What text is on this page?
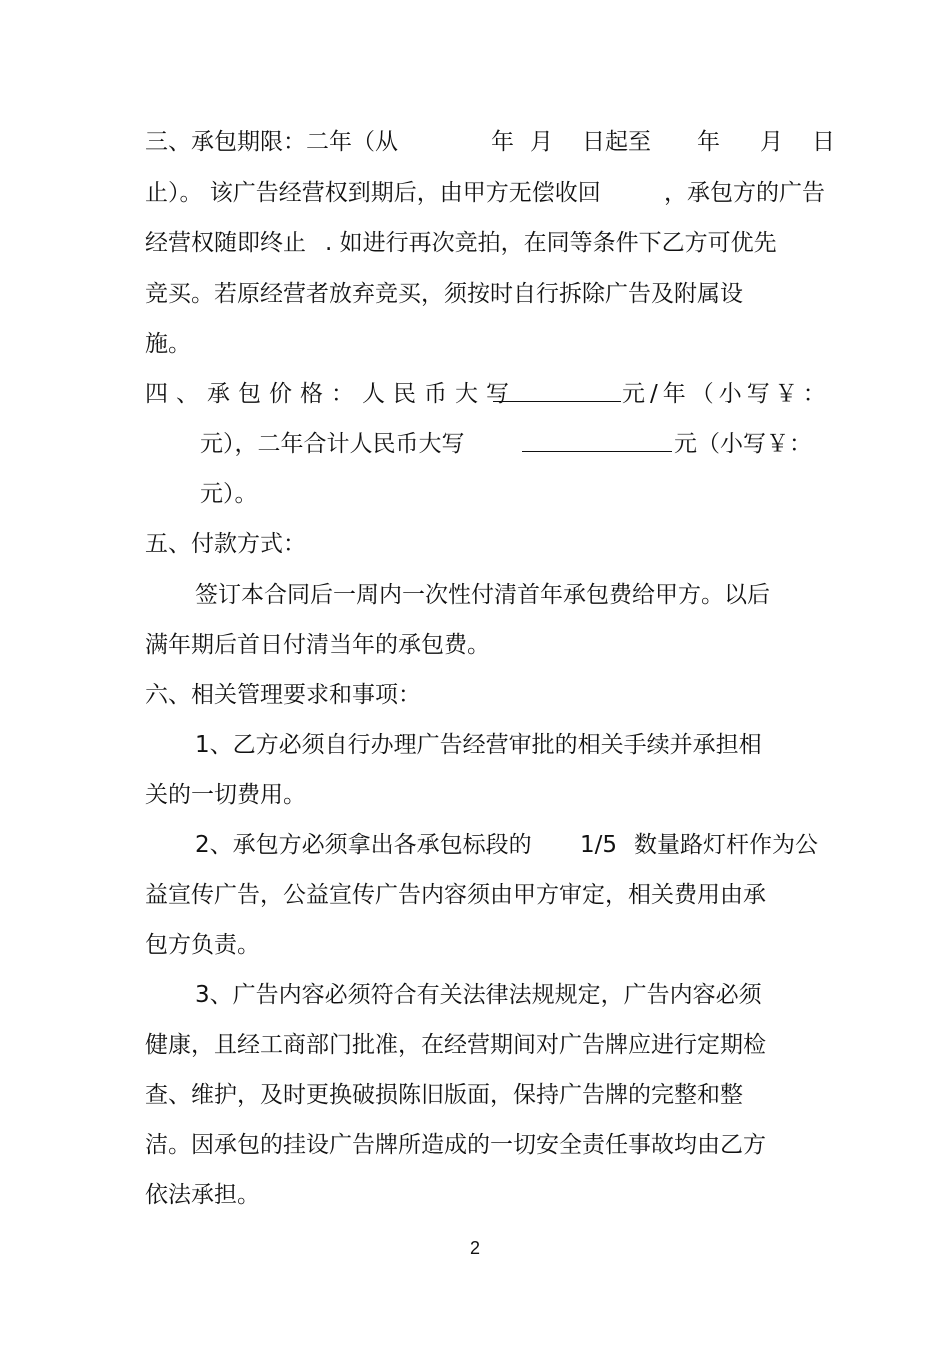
三、承包期限：二年（从	年 月 日起至 年 月 日
止）。 该广告经营权到期后，由甲方无偿收回	，承包方的广告
经营权随即终止 . 如进行再次竞拍，在同等条件下乙方可优先
竞买。若原经营者放弃竞买，须按时自行拆除广告及附属设
施。
四、承包价格：人民币大写	元/年（小写￥：
元），二年合计人民币大写	元（小写￥：
元）。
五、付款方式：
签订本合同后一周内一次性付清首年承包费给甲方。以后
满年期后首日付清当年的承包费。
六、相关管理要求和事项：
1、乙方必须自行办理广告经营审批的相关手续并承担相
关的一切费用。
2、承包方必须拿出各承包标段的 1/5 数量路灯杆作为公
益宣传广告，公益宣传广告内容须由甲方审定，相关费用由承
包方负责。
3、广告内容必须符合有关法律法规规定，广告内容必须
健康，且经工商部门批准，在经营期间对广告牌应进行定期检
查、维护，及时更换破损陈旧版面，保持广告牌的完整和整
洁。因承包的挂设广告牌所造成的一切安全责任事故均由乙方
依法承担。
2
